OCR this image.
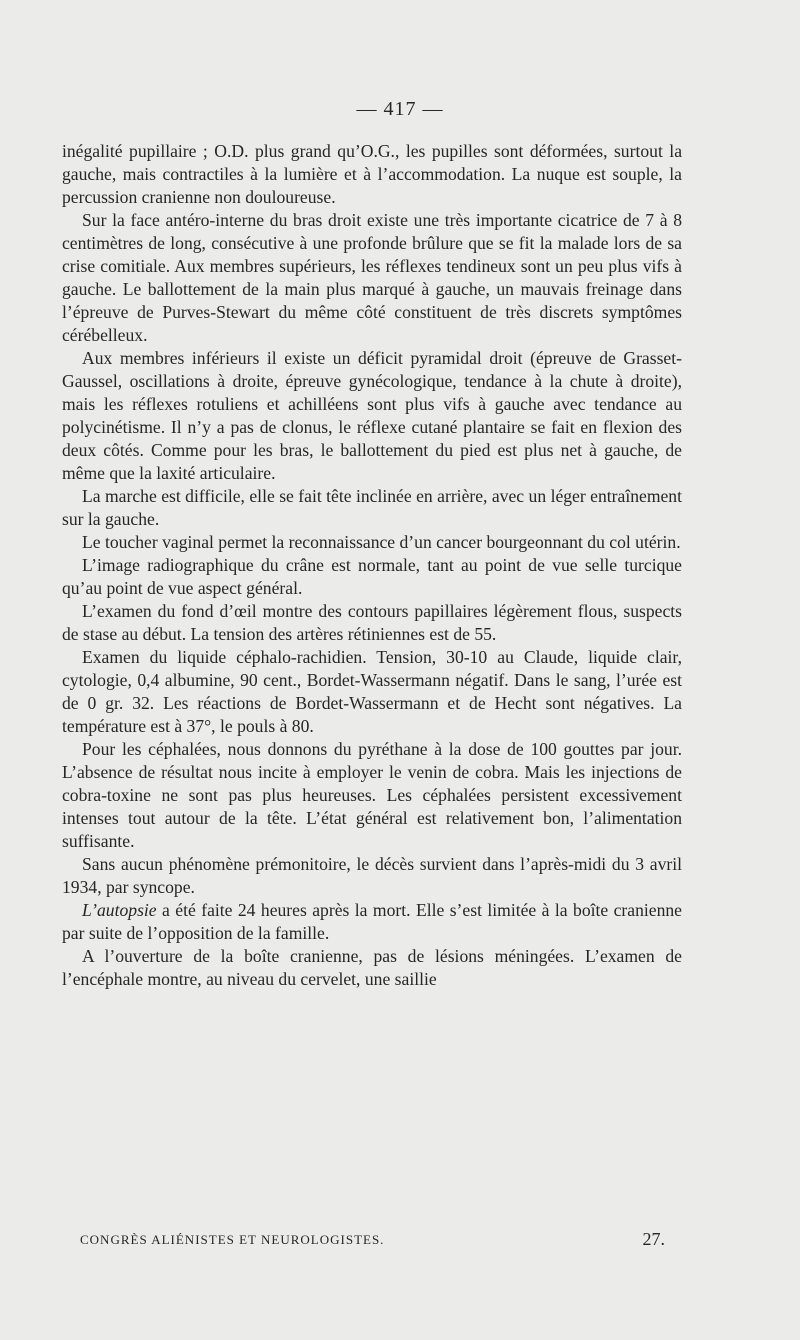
— 417 —

inégalité pupillaire ; O.D. plus grand qu’O.G., les pupilles sont déformées, surtout la gauche, mais contractiles à la lumière et à l’accommodation. La nuque est souple, la percussion cranienne non douloureuse.

Sur la face antéro-interne du bras droit existe une très importante cicatrice de 7 à 8 centimètres de long, consécutive à une profonde brûlure que se fit la malade lors de sa crise comitiale. Aux membres supérieurs, les réflexes tendineux sont un peu plus vifs à gauche. Le ballottement de la main plus marqué à gauche, un mauvais freinage dans l’épreuve de Purves-Stewart du même côté constituent de très discrets symptômes cérébelleux.

Aux membres inférieurs il existe un déficit pyramidal droit (épreuve de Grasset-Gaussel, oscillations à droite, épreuve gynécologique, tendance à la chute à droite), mais les réflexes rotuliens et achilléens sont plus vifs à gauche avec tendance au polycinétisme. Il n’y a pas de clonus, le réflexe cutané plantaire se fait en flexion des deux côtés. Comme pour les bras, le ballottement du pied est plus net à gauche, de même que la laxité articulaire.

La marche est difficile, elle se fait tête inclinée en arrière, avec un léger entraînement sur la gauche.

Le toucher vaginal permet la reconnaissance d’un cancer bourgeonnant du col utérin.

L’image radiographique du crâne est normale, tant au point de vue selle turcique qu’au point de vue aspect général.

L’examen du fond d’œil montre des contours papillaires légèrement flous, suspects de stase au début. La tension des artères rétiniennes est de 55.

Examen du liquide céphalo-rachidien. Tension, 30-10 au Claude, liquide clair, cytologie, 0,4 albumine, 90 cent., Bordet-Wassermann négatif. Dans le sang, l’urée est de 0 gr. 32. Les réactions de Bordet-Wassermann et de Hecht sont négatives. La température est à 37°, le pouls à 80.

Pour les céphalées, nous donnons du pyréthane à la dose de 100 gouttes par jour. L’absence de résultat nous incite à employer le venin de cobra. Mais les injections de cobra-toxine ne sont pas plus heureuses. Les céphalées persistent excessivement intenses tout autour de la tête. L’état général est relativement bon, l’alimentation suffisante.

Sans aucun phénomène prémonitoire, le décès survient dans l’après-midi du 3 avril 1934, par syncope.

L’autopsie a été faite 24 heures après la mort. Elle s’est limitée à la boîte cranienne par suite de l’opposition de la famille.

A l’ouverture de la boîte cranienne, pas de lésions méningées. L’examen de l’encéphale montre, au niveau du cervelet, une saillie

CONGRÈS ALIÉNISTES ET NEUROLOGISTES.	27.
